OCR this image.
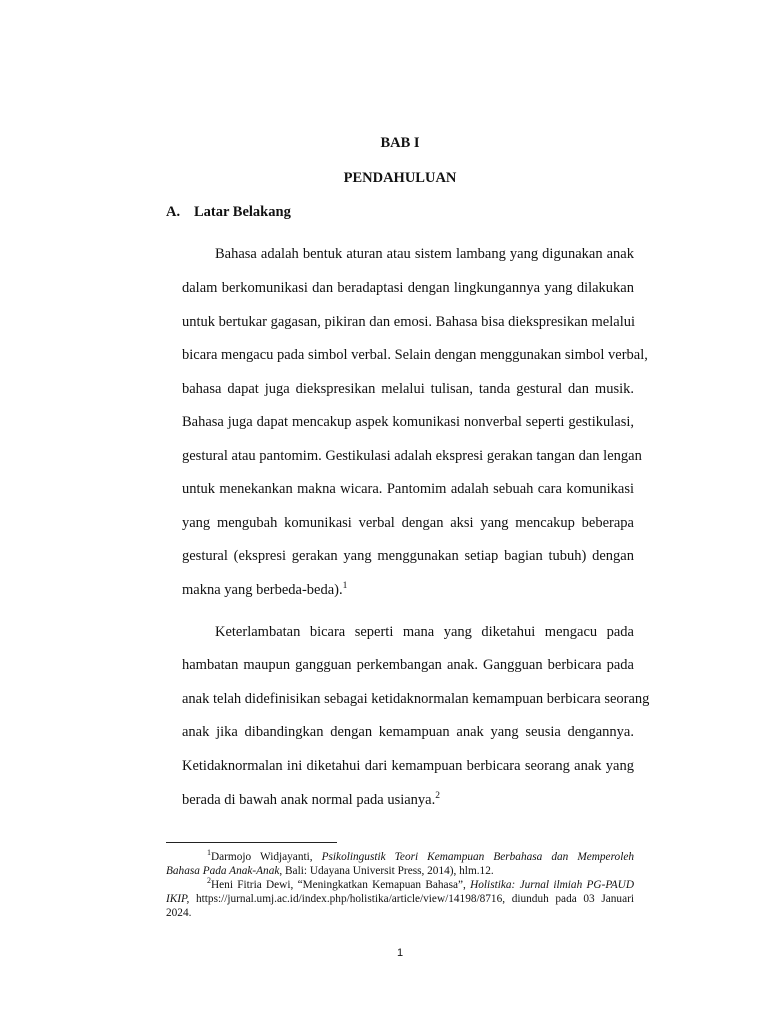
BAB I
PENDAHULUAN
A. Latar Belakang
Bahasa adalah bentuk aturan atau sistem lambang yang digunakan anak
dalam berkomunikasi dan beradaptasi dengan lingkungannya yang dilakukan
untuk bertukar gagasan, pikiran dan emosi. Bahasa bisa diekspresikan melalui
bicara mengacu pada simbol verbal. Selain dengan menggunakan simbol verbal,
bahasa dapat juga diekspresikan melalui tulisan, tanda gestural dan musik.
Bahasa juga dapat mencakup aspek komunikasi nonverbal seperti gestikulasi,
gestural atau pantomim. Gestikulasi adalah ekspresi gerakan tangan dan lengan
untuk menekankan makna wicara. Pantomim adalah sebuah cara komunikasi
yang mengubah komunikasi verbal dengan aksi yang mencakup beberapa
gestural (ekspresi gerakan yang menggunakan setiap bagian tubuh) dengan
makna yang berbeda-beda).$^1$
Keterlambatan bicara seperti mana yang diketahui mengacu pada
hambatan maupun gangguan perkembangan anak. Gangguan berbicara pada
anak telah didefinisikan sebagai ketidaknormalan kemampuan berbicara seorang
anak jika dibandingkan dengan kemampuan anak yang seusia dengannya.
Ketidaknormalan ini diketahui dari kemampuan berbicara seorang anak yang
berada di bawah anak normal pada usianya.$^2$
$^1$Darmojo Widjayanti, Psikolingustik Teori Kemampuan Berbahasa dan Memperoleh
Bahasa Pada Anak-Anak, Bali: Udayana Universit Press, 2014), hlm.12.
$^2$Heni Fitria Dewi, “Meningkatkan Kemapuan Bahasa”, Holistika: Jurnal ilmiah PG-PAUD
IKIP, https://jurnal.umj.ac.id/index.php/holistika/article/view/14198/8716, diunduh pada 03 Januari
2024.
1
